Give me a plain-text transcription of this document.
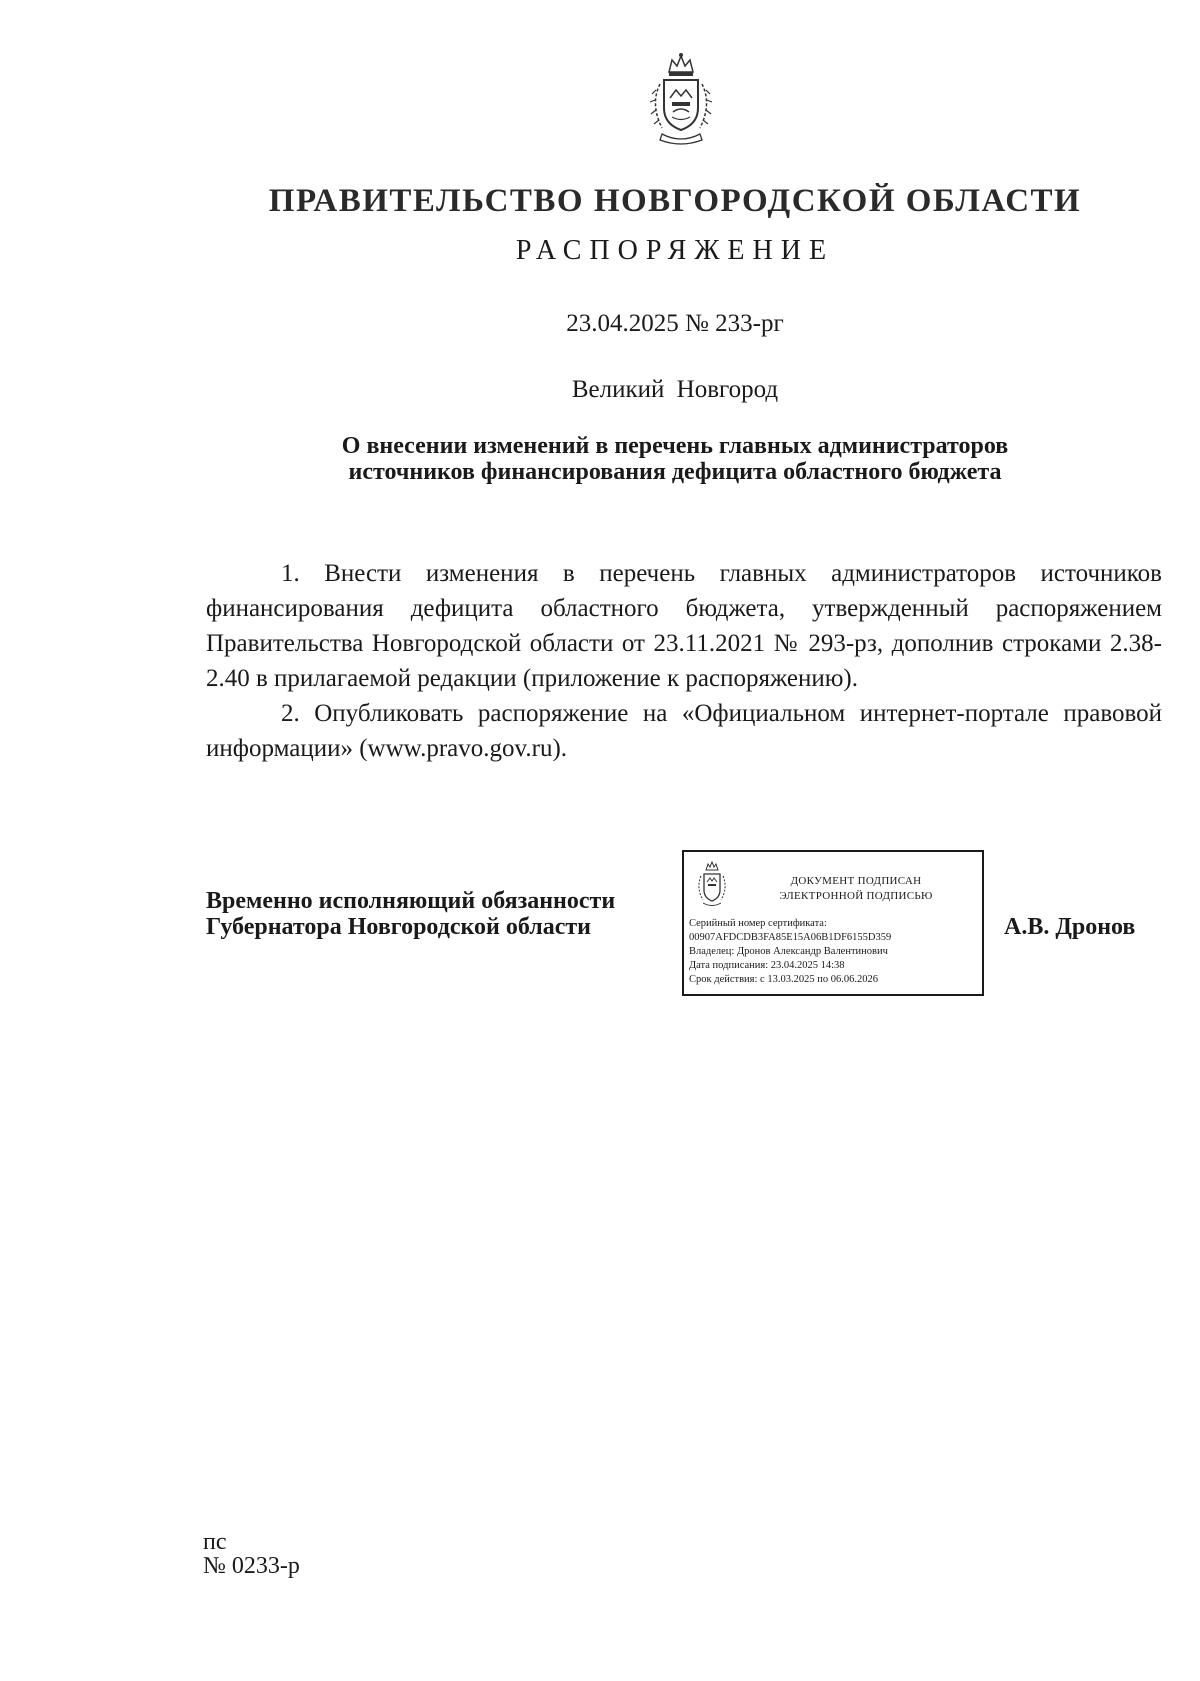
ПРАВИТЕЛЬСТВО НОВГОРОДСКОЙ ОБЛАСТИ
РАСПОРЯЖЕНИЕ
23.04.2025 № 233-рг
Великий Новгород
О внесении изменений в перечень главных администраторов
источников финансирования дефицита областного бюджета

1. Внести изменения в перечень главных администраторов источников финансирования дефицита областного бюджета, утвержденный распоряжением Правительства Новгородской области от 23.11.2021 № 293-рз, дополнив строками 2.38-2.40 в прилагаемой редакции (приложение к распоряжению).

2. Опубликовать распоряжение на «Официальном интернет-портале правовой информации» (www.pravo.gov.ru).

Временно исполняющий обязанности
Губернатора Новгородской области
ДОКУМЕНТ ПОДПИСАН
ЭЛЕКТРОННОЙ ПОДПИСЬЮ
Серийный номер сертификата:
00907AFDCDB3FA85E15A06B1DF6155D359
Владелец: Дронов Александр Валентинович
Дата подписания: 23.04.2025 14:38
Срок действия: с 13.03.2025 по 06.06.2026
А.В. Дронов
пс
№ 0233-р
